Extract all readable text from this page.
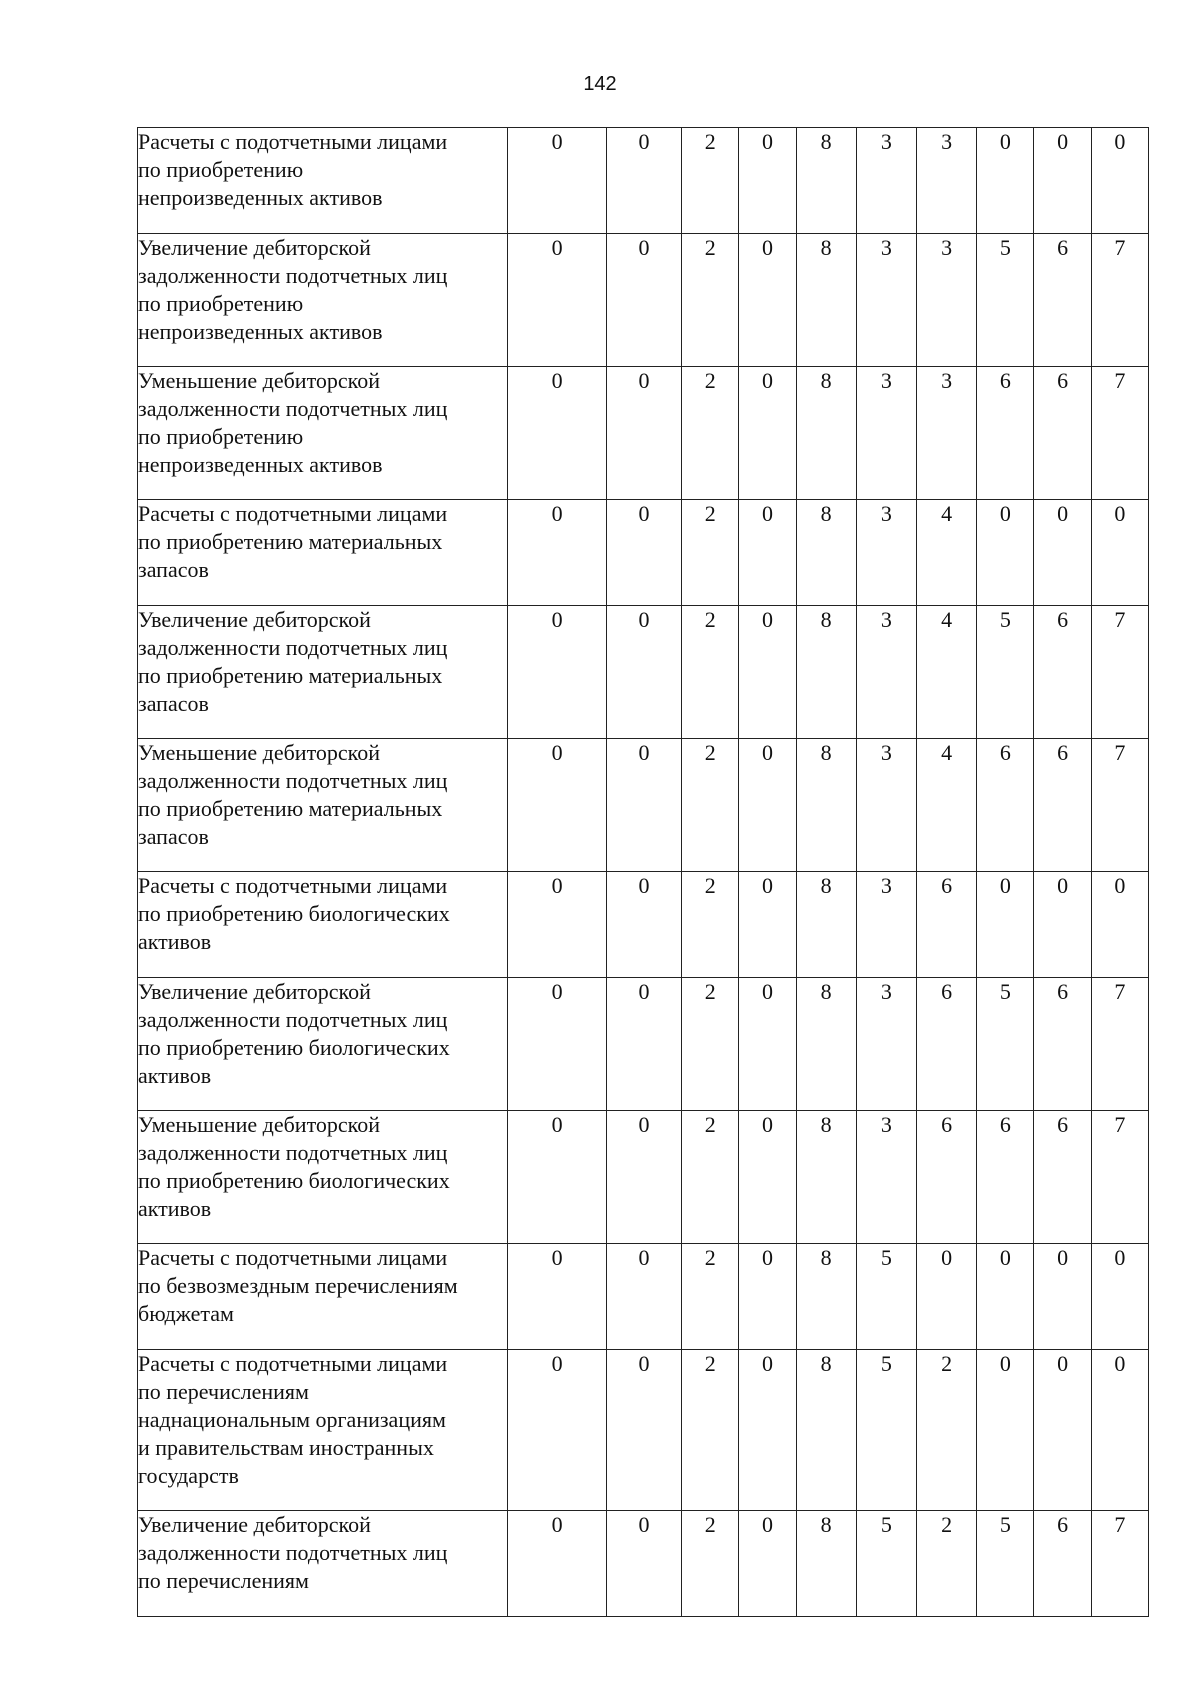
142
Расчеты с подотчетными лицами
по приобретению
непроизведенных активов	0	0	2	0	8	3	3	0	0	0

Увеличение дебиторской
задолженности подотчетных лиц
по приобретению
непроизведенных активов	0	0	2	0	8	3	3	5	6	7

Уменьшение дебиторской
задолженности подотчетных лиц
по приобретению
непроизведенных активов	0	0	2	0	8	3	3	6	6	7

Расчеты с подотчетными лицами
по приобретению материальных
запасов	0	0	2	0	8	3	4	0	0	0

Увеличение дебиторской
задолженности подотчетных лиц
по приобретению материальных
запасов	0	0	2	0	8	3	4	5	6	7

Уменьшение дебиторской
задолженности подотчетных лиц
по приобретению материальных
запасов	0	0	2	0	8	3	4	6	6	7

Расчеты с подотчетными лицами
по приобретению биологических
активов	0	0	2	0	8	3	6	0	0	0

Увеличение дебиторской
задолженности подотчетных лиц
по приобретению биологических
активов	0	0	2	0	8	3	6	5	6	7

Уменьшение дебиторской
задолженности подотчетных лиц
по приобретению биологических
активов	0	0	2	0	8	3	6	6	6	7

Расчеты с подотчетными лицами
по безвозмездным перечислениям
бюджетам	0	0	2	0	8	5	0	0	0	0

Расчеты с подотчетными лицами
по перечислениям
наднациональным организациям
и правительствам иностранных
государств	0	0	2	0	8	5	2	0	0	0

Увеличение дебиторской
задолженности подотчетных лиц
по перечислениям	0	0	2	0	8	5	2	5	6	7
